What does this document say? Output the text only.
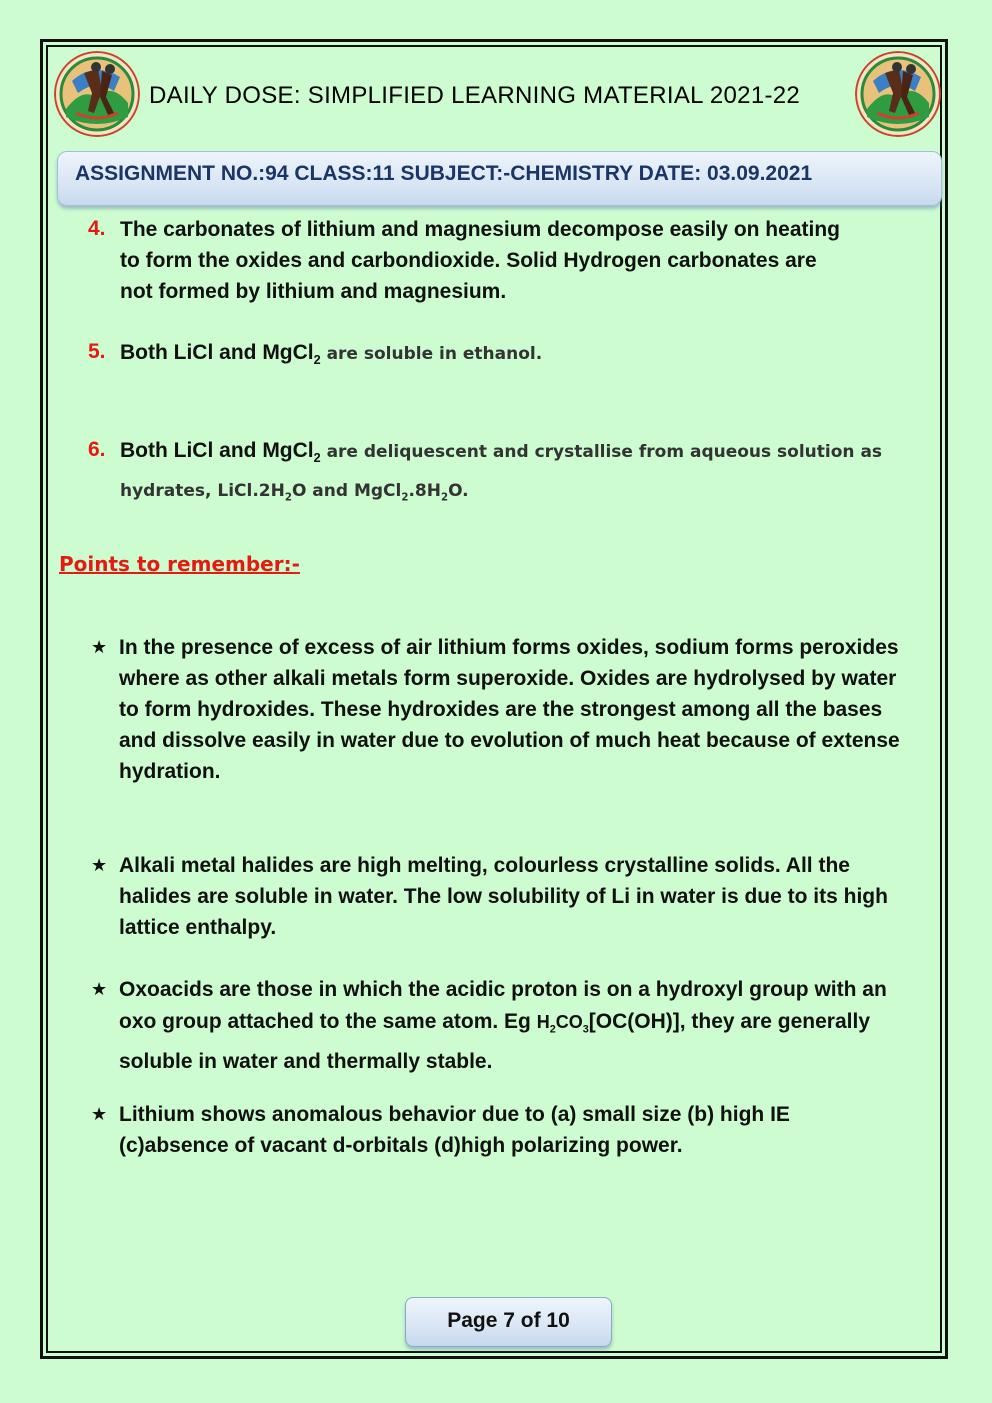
DAILY DOSE: SIMPLIFIED LEARNING MATERIAL 2021-22
ASSIGNMENT NO.:94 CLASS:11 SUBJECT:-CHEMISTRY DATE: 03.09.2021
4. The carbonates of lithium and magnesium decompose easily on heating to form the oxides and carbondioxide. Solid Hydrogen carbonates are not formed by lithium and magnesium.
5. Both LiCl and MgCl$_2$ are soluble in ethanol.
6. Both LiCl and MgCl$_2$ are deliquescent and crystallise from aqueous solution as hydrates, $LiCl.2H_2O$ and $MgCl_2.8H_2O$.
Points to remember:-
★ In the presence of excess of air lithium forms oxides, sodium forms peroxides where as other alkali metals form superoxide. Oxides are hydrolysed by water to form hydroxides. These hydroxides are the strongest among all the bases and dissolve easily in water due to evolution of much heat because of extense hydration.
★ Alkali metal halides are high melting, colourless crystalline solids. All the halides are soluble in water. The low solubility of Li in water is due to its high lattice enthalpy.
★ Oxoacids are those in which the acidic proton is on a hydroxyl group with an oxo group attached to the same atom. Eg $H_2CO_3[OC(OH)]$, they are generally soluble in water and thermally stable.
★ Lithium shows anomalous behavior due to (a) small size (b) high IE (c)absence of vacant d-orbitals (d)high polarizing power.
Page 7 of 10
